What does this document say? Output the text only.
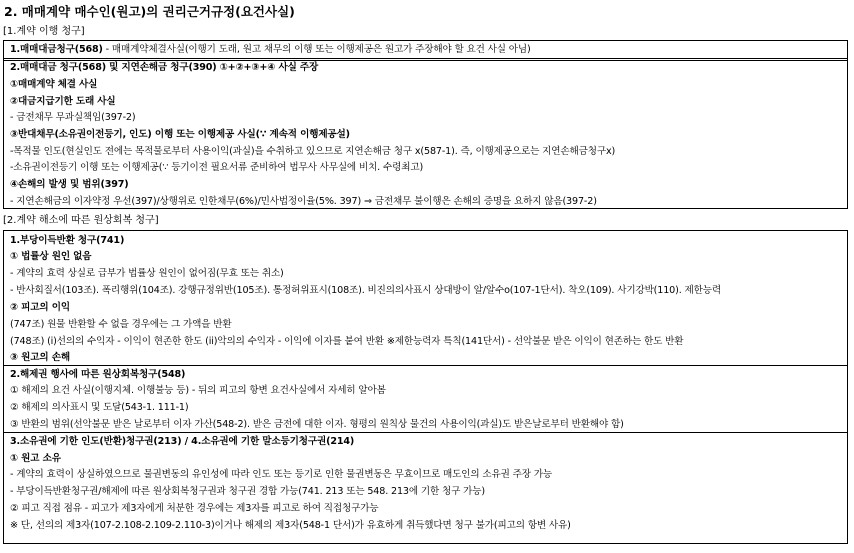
2. 매매계약 매수인(원고)의 권리근거규정(요건사실)
[1.계약 이행 청구]
1.매매대금청구(568) - 매매계약체결사실(이행기 도래, 원고 채무의 이행 또는 이행제공은 원고가 주장해야 할 요건 사실 아님)
2.매매대금 청구(568) 및 지연손해금 청구(390) ①+②+③+④ 사실 주장
①매매계약 체결 사실
②대금지급기한 도래 사실
- 금전채무 무과실책임(397-2)
③반대채무(소유권이전등기, 인도) 이행 또는 이행제공 사실(∵ 계속적 이행제공설)
-목적물 인도(현실인도 전에는 목적물로부터 사용이익(과실)을 수취하고 있으므로 지연손해금 청구 x(587-1). 즉, 이행제공으로는 지연손해금청구x)
-소유권이전등기 이행 또는 이행제공(∵ 등기이전 필요서류 준비하여 법무사 사무실에 비치. 수령최고)
④손해의 발생 및 범위(397)
- 지연손해금의 이자약정 우선(397)/상행위로 인한채무(6%)/민사법정이율(5%. 397) ⇒ 금전채무 불이행은 손해의 증명을 요하지 않음(397-2)
[2.계약 해소에 따른 원상회복 청구]
1.부당이득반환 청구(741)
① 법률상 원인 없음
- 계약의 효력 상실로 급부가 법률상 원인이 없어짐(무효 또는 취소)
- 반사회질서(103조). 폭리행위(104조). 강행규정위반(105조). 통정허위표시(108조). 비진의의사표시 상대방이 알/알수o(107-1단서). 착오(109). 사기강박(110). 제한능력
② 피고의 이익
(747조) 원물 반환할 수 없을 경우에는 그 가액을 반환
(748조) (i)선의의 수익자 - 이익이 현존한 한도 (ii)악의의 수익자 - 이익에 이자를 붙여 반환 ※제한능력자 특칙(141단서) - 선악불문 받은 이익이 현존하는 한도 반환
③ 원고의 손해
2.해제권 행사에 따른 원상회복청구(548)
① 해제의 요건 사실(이행지체. 이행불능 등) - 뒤의 피고의 항변 요건사실에서 자세히 알아봄
② 해제의 의사표시 및 도달(543-1. 111-1)
③ 반환의 범위(선악불문 받은 날로부터 이자 가산(548-2). 받은 금전에 대한 이자. 형평의 원칙상 물건의 사용이익(과실)도 받은날로부터 반환해야 함)
3.소유권에 기한 인도(반환)청구권(213) / 4.소유권에 기한 말소등기청구권(214)
① 원고 소유
- 계약의 효력이 상실하였으므로 물권변동의 유인성에 따라 인도 또는 등기로 인한 물권변동은 무효이므로 매도인의 소유권 주장 가능
- 부당이득반환청구권/해제에 따른 원상회복청구권과 청구권 경합 가능(741. 213 또는 548. 213에 기한 청구 가능)
② 피고 직접 점유 - 피고가 제3자에게 처분한 경우에는 제3자를 피고로 하여 직접청구가능
※ 단, 선의의 제3자(107-2.108-2.109-2.110-3)이거나 해제의 제3자(548-1 단서)가 유효하게 취득했다면 청구 불가(피고의 항변 사유)
